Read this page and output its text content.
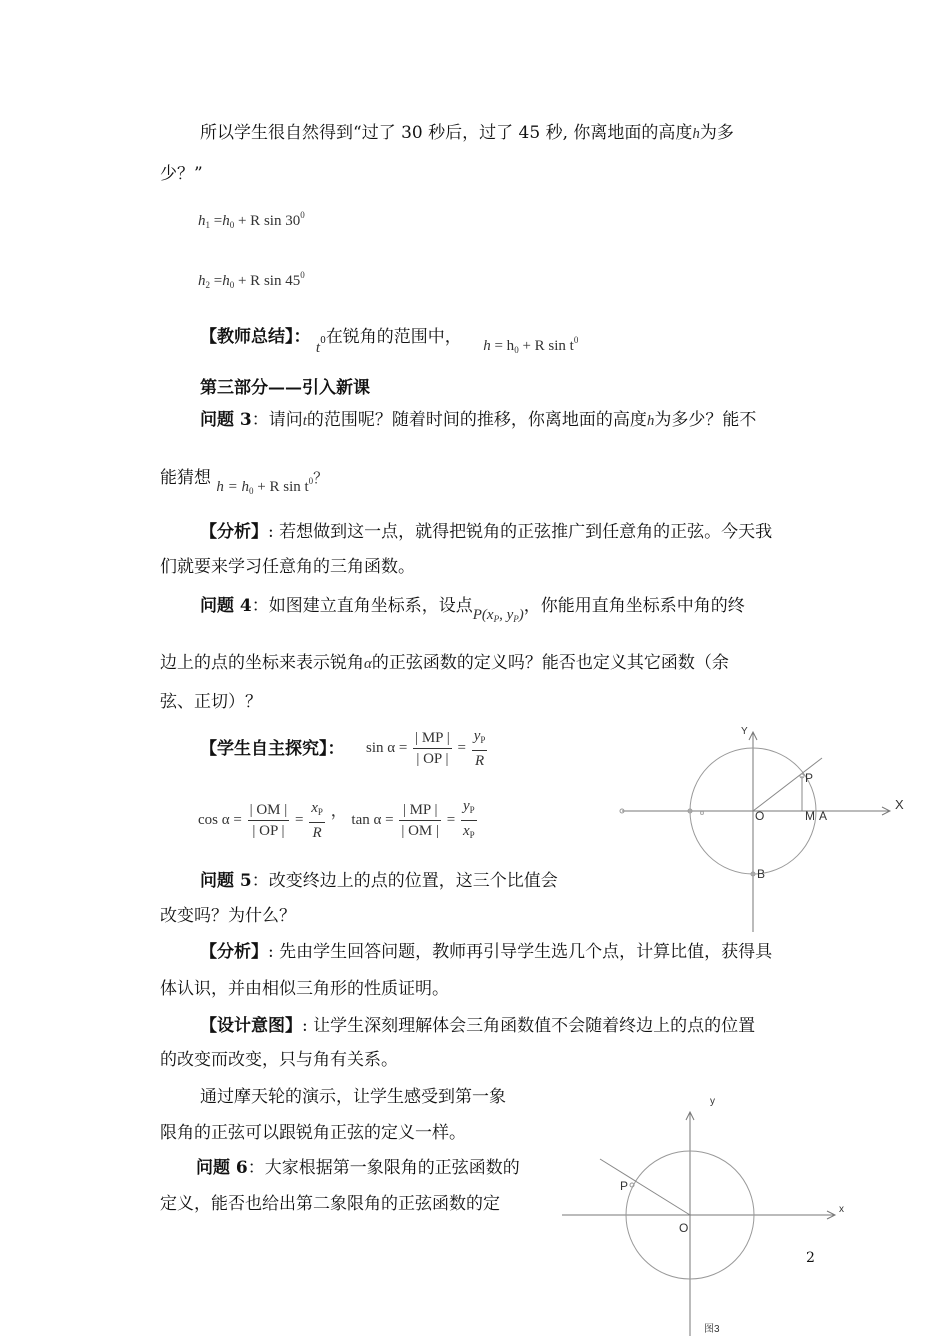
所以学生很自然得到“过了 30 秒后，过了 45 秒, 你离地面的高度h为多
少？”
$h_1 =h_0 + R$ $\sin 30^0$
$h_2 =h_0 + R$ $\sin 45^0$
【教师总结】： $t^0$在锐角的范围中， $h = h_0 + R$ $\sin t^0$
第三部分——引入新课
问题 3：请问t的范围呢？随着时间的推移，你离地面的高度h为多少？能不
能猜想 $h = h_0 + R$ $\sin t^0$？
【分析】: 若想做到这一点，就得把锐角的正弦推广到任意角的正弦。今天我
们就要来学习任意角的三角函数。
问题 4：如图建立直角坐标系，设点$P(x_P$, $y_P$)，你能用直角坐标系中角的终
边上的点的坐标来表示锐角α的正弦函数的定义吗？能否也定义其它函数（余
弦、正切）？
【学生自主探究】： $\sin \alpha = \frac{| MP |}{| OP |} = \frac{y_P}{R}$
$\cos \alpha = \frac{| OM |}{| OP |} = \frac{x_P}{R}$ ， $\tan \alpha = \frac{| MP |}{| OM |} = \frac{y_P}{x_P}$
问题 5：改变终边上的点的位置，这三个比值会
改变吗？为什么？
【分析】: 先由学生回答问题，教师再引导学生选几个点，计算比值，获得具
体认识，并由相似三角形的性质证明。
【设计意图】: 让学生深刻理解体会三角函数值不会随着终边上的点的位置
的改变而改变，只与角有关系。
通过摩天轮的演示，让学生感受到第一象
限角的正弦可以跟锐角正弦的定义一样。
问题 6：大家根据第一象限角的正弦函数的
定义，能否也给出第二象限角的正弦函数的定
Y
X
O	M A
P
B
y
x
O
P
图3
2
